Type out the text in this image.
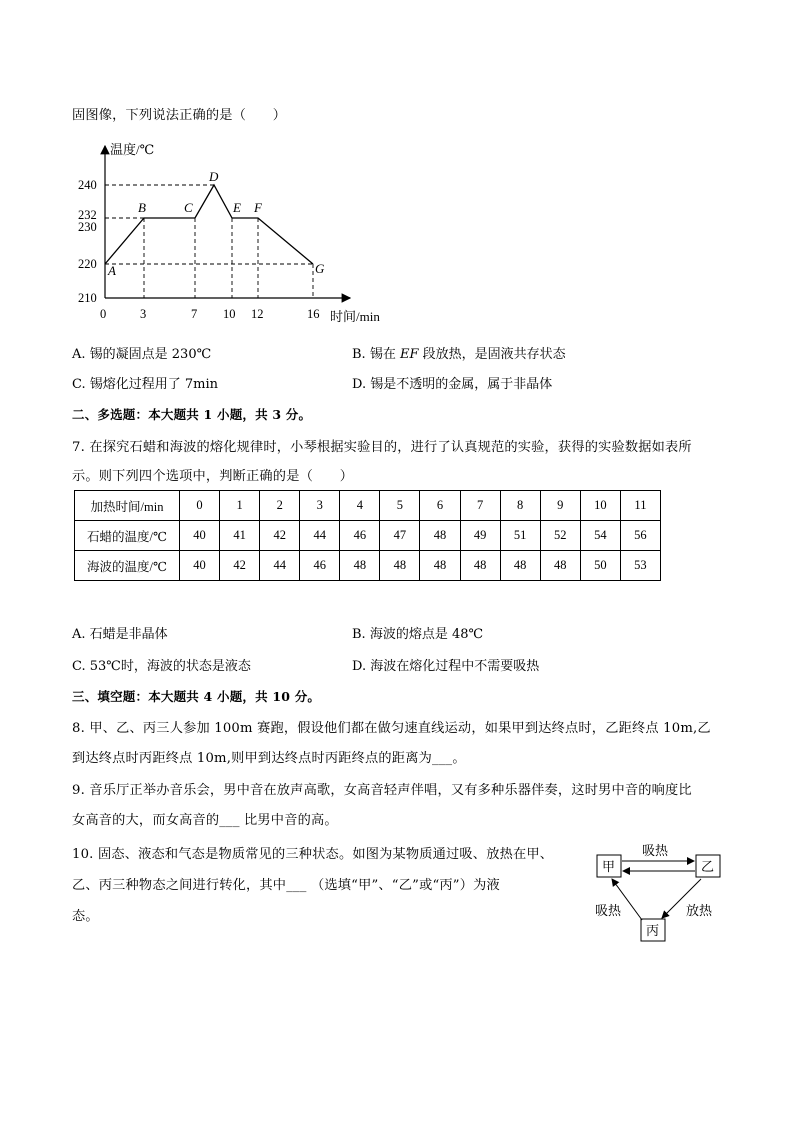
固图像，下列说法正确的是（　　）
温度/℃
时间/min
240
232
230
220
210
0	3	7 10 12	16
A
B	C
D
E F
G
A. 锡的凝固点是 230℃	B. 锡在 EF 段放热，是固液共存状态
C. 锡熔化过程用了 7min	D. 锡是不透明的金属，属于非晶体
二、多选题：本大题共 1 小题，共 3 分。
7. 在探究石蜡和海波的熔化规律时，小琴根据实验目的，进行了认真规范的实验，获得的实验数据如表所
示。则下列四个选项中，判断正确的是（　　）
加热时间/min	0	1	2	3	4	5	6	7	8	9	10	11
石蜡的温度/℃	40	41	42	44	46	47	48	49	51	52	54	56
海波的温度/℃	40	42	44	46	48	48	48	48	48	48	50	53
A. 石蜡是非晶体	B. 海波的熔点是 48℃
C. 53℃时，海波的状态是液态	D. 海波在熔化过程中不需要吸热
三、填空题：本大题共 4 小题，共 10 分。
8. 甲、乙、丙三人参加 100m 赛跑，假设他们都在做匀速直线运动，如果甲到达终点时，乙距终点 10m,乙
到达终点时丙距终点 10m,则甲到达终点时丙距终点的距离为___。
9. 音乐厅正举办音乐会，男中音在放声高歌，女高音轻声伴唱，又有多种乐器伴奏，这时男中音的响度比
女高音的大，而女高音的___ 比男中音的高。
10. 固态、液态和气态是物质常见的三种状态。如图为某物质通过吸、放热在甲、
乙、丙三种物态之间进行转化，其中___ （选填“甲”、“乙”或“丙”）为液
态。
甲	乙
丙
吸热
吸热	放热
